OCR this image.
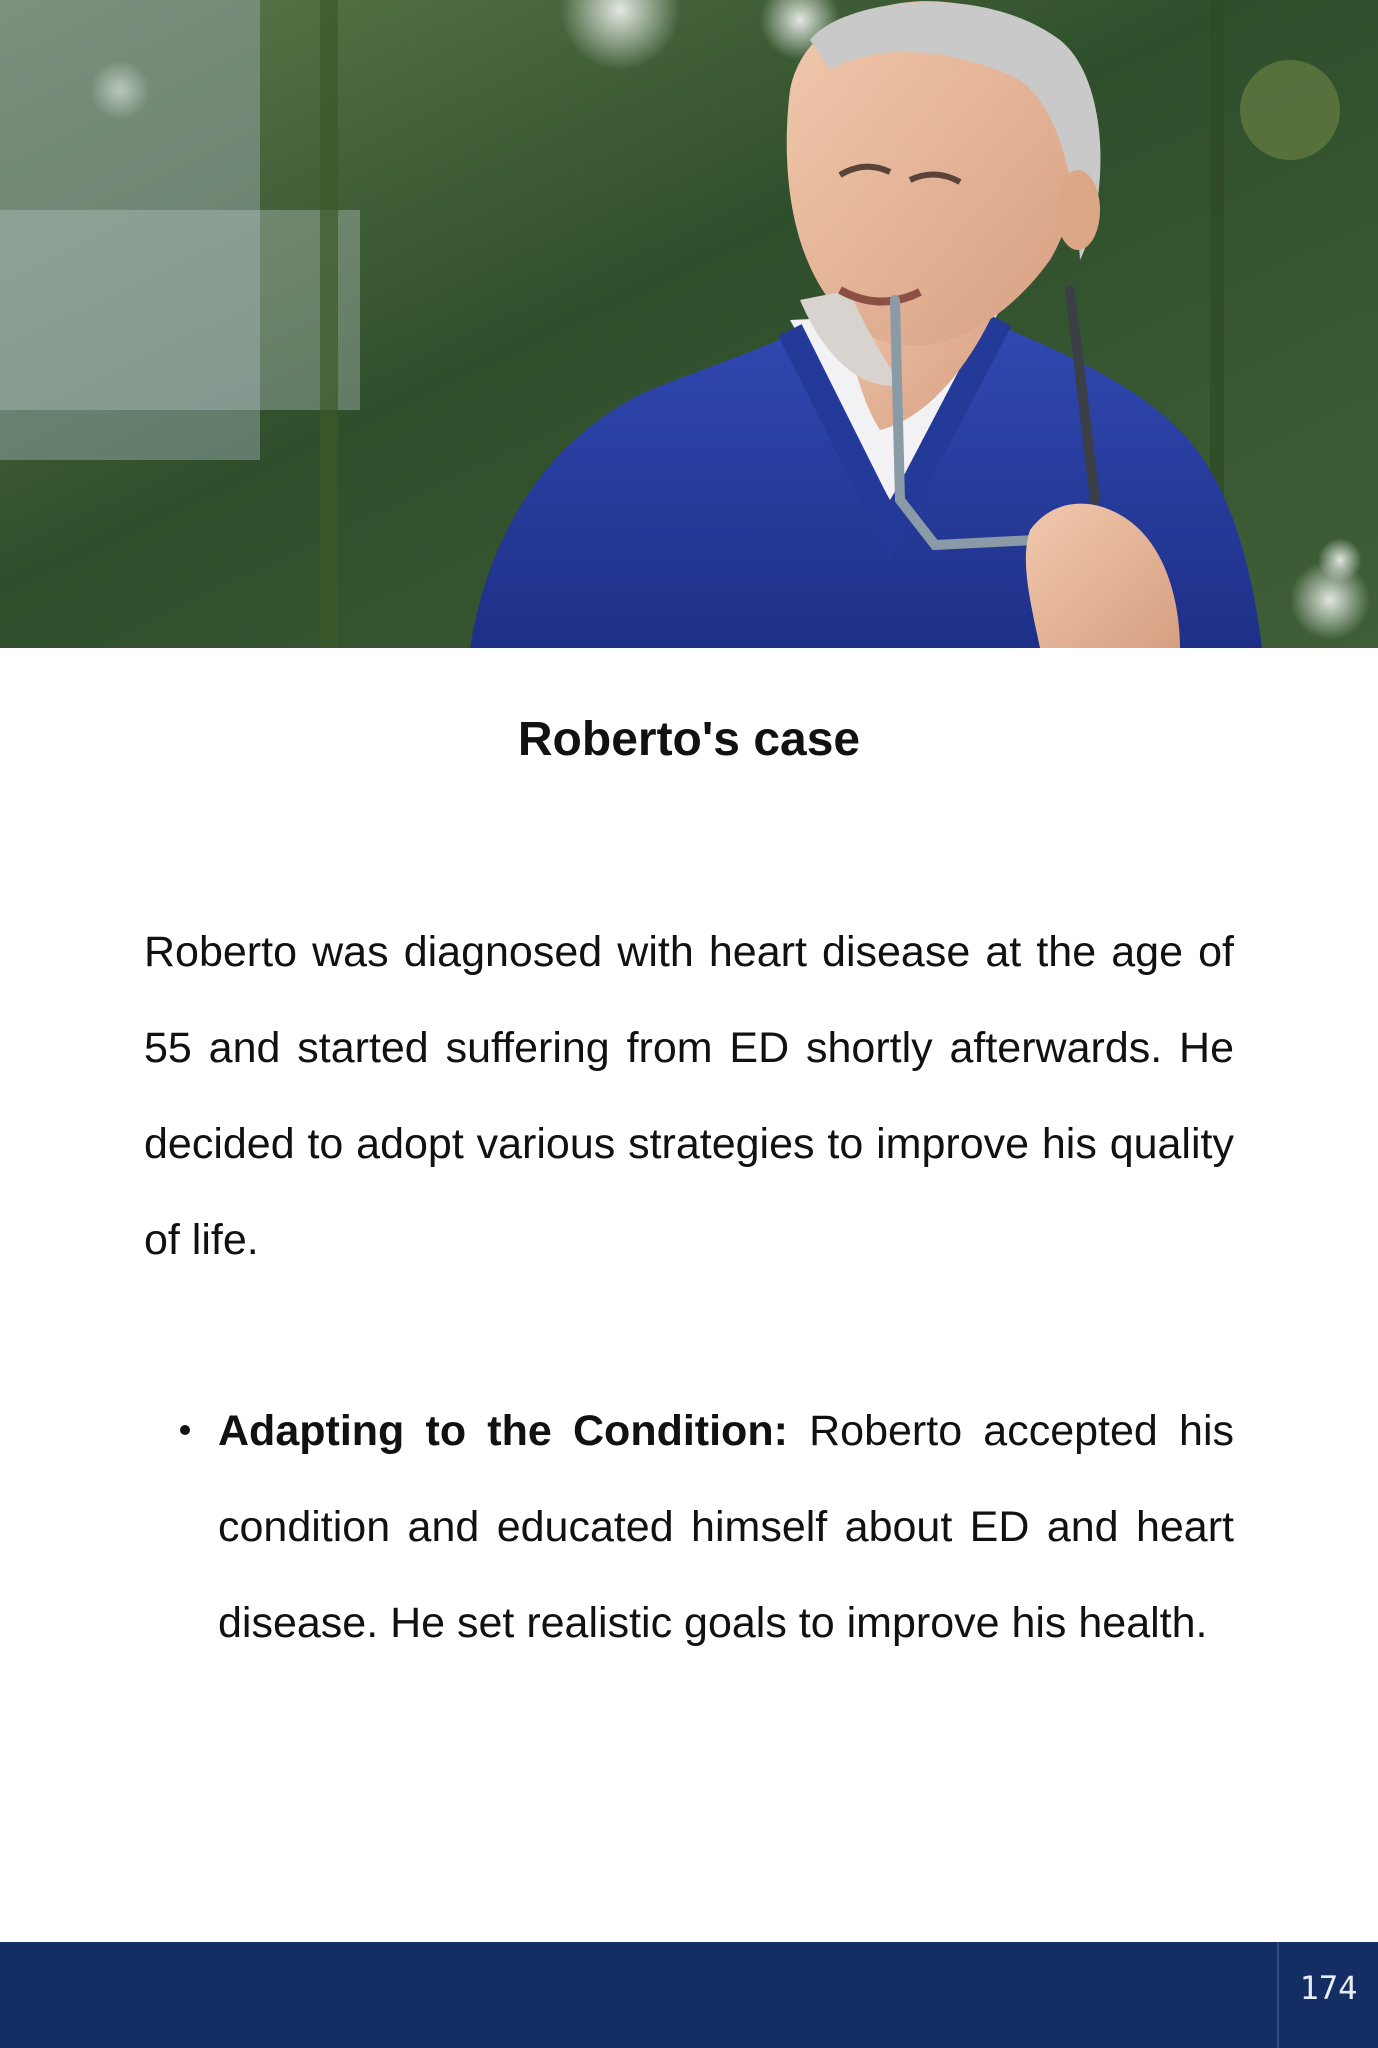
Roberto's case

Roberto was diagnosed with heart disease at the age of 55 and started suffering from ED shortly afterwards. He decided to adopt various strategies to improve his quality of life.

Adapting to the Condition: Roberto accepted his condition and educated himself about ED and heart disease. He set realistic goals to improve his health.
174
